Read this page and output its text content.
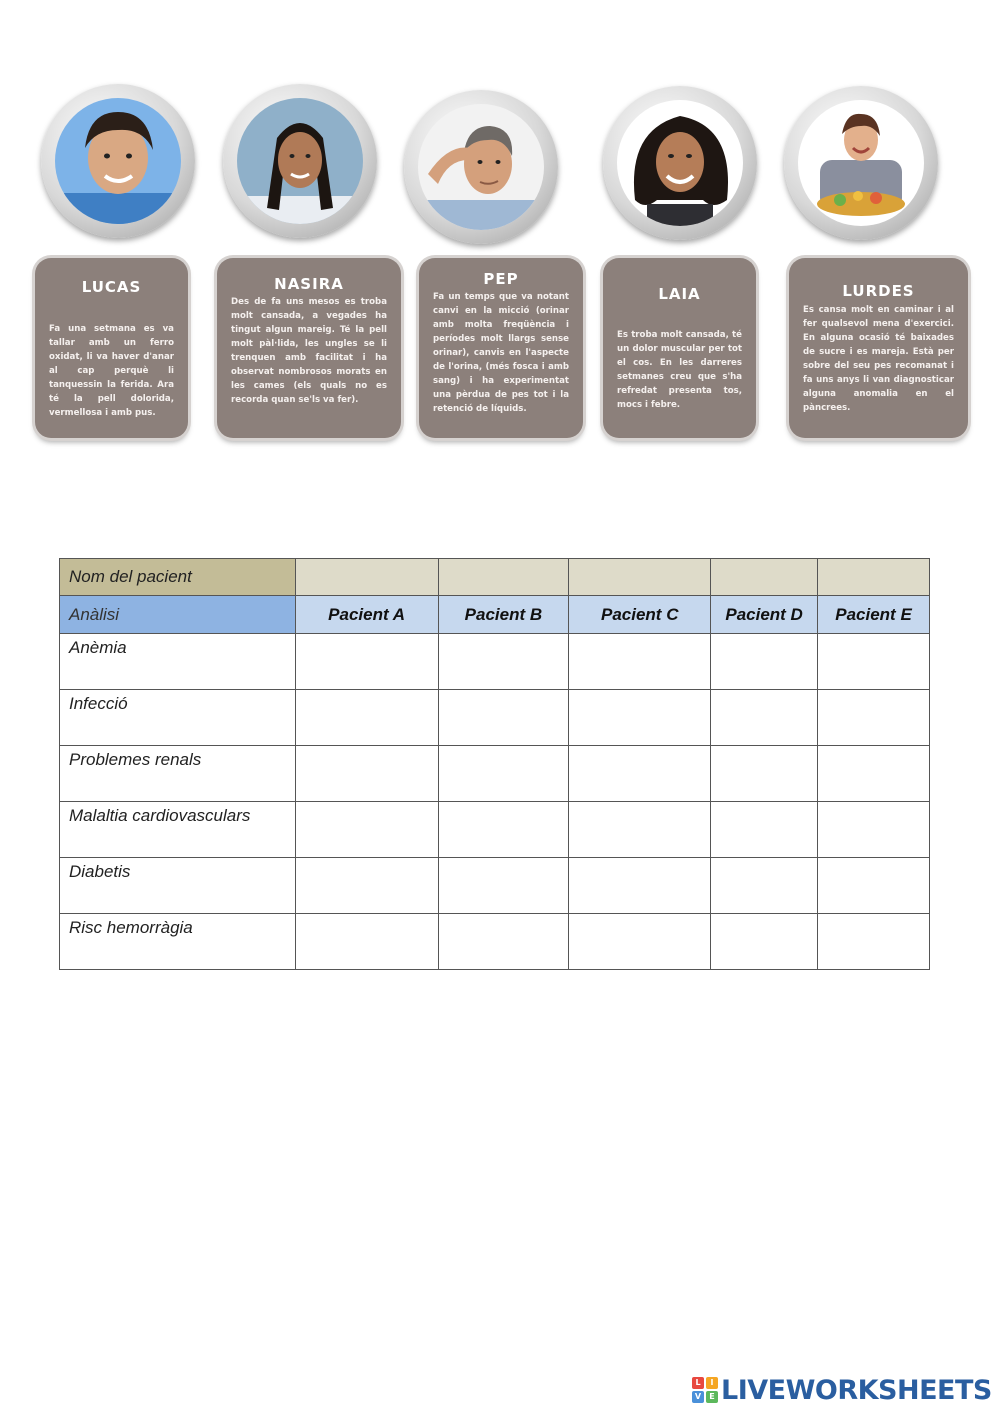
LUCAS
Fa una setmana es va tallar amb un ferro oxidat, li va haver d'anar al cap perquè li tanquessin la ferida. Ara té la pell dolorida, vermellosa i amb pus.
NASIRA
Des de fa uns mesos es troba molt cansada, a vegades ha tingut algun mareig. Té la pell molt pàl·lida, les ungles se li trenquen amb facilitat i ha observat nombrosos morats en les cames (els quals no es recorda quan se'ls va fer).
PEP
Fa un temps que va notant canvi en la micció (orinar amb molta freqüència i períodes molt llargs sense orinar), canvis en l'aspecte de l'orina, (més fosca i amb sang) i ha experimentat una pèrdua de pes tot i la retenció de líquids.
LAIA
Es troba molt cansada, té un dolor muscular per tot el cos. En les darreres setmanes creu que s'ha refredat presenta tos, mocs i febre.
LURDES
Es cansa molt en caminar i al fer qualsevol mena d'exercici. En alguna ocasió té baixades de sucre i es mareja. Està per sobre del seu pes recomanat i fa uns anys li van diagnosticar alguna anomalia en el pàncrees.
Nom del pacient					
Anàlisi	Pacient A	Pacient B	Pacient C	Pacient D	Pacient E
Anèmia					
Infecció					
Problemes renals					
Malaltia cardiovasculars					
Diabetis					
Risc hemorràgia					
L	I
V	E LIVEWORKSHEETS
